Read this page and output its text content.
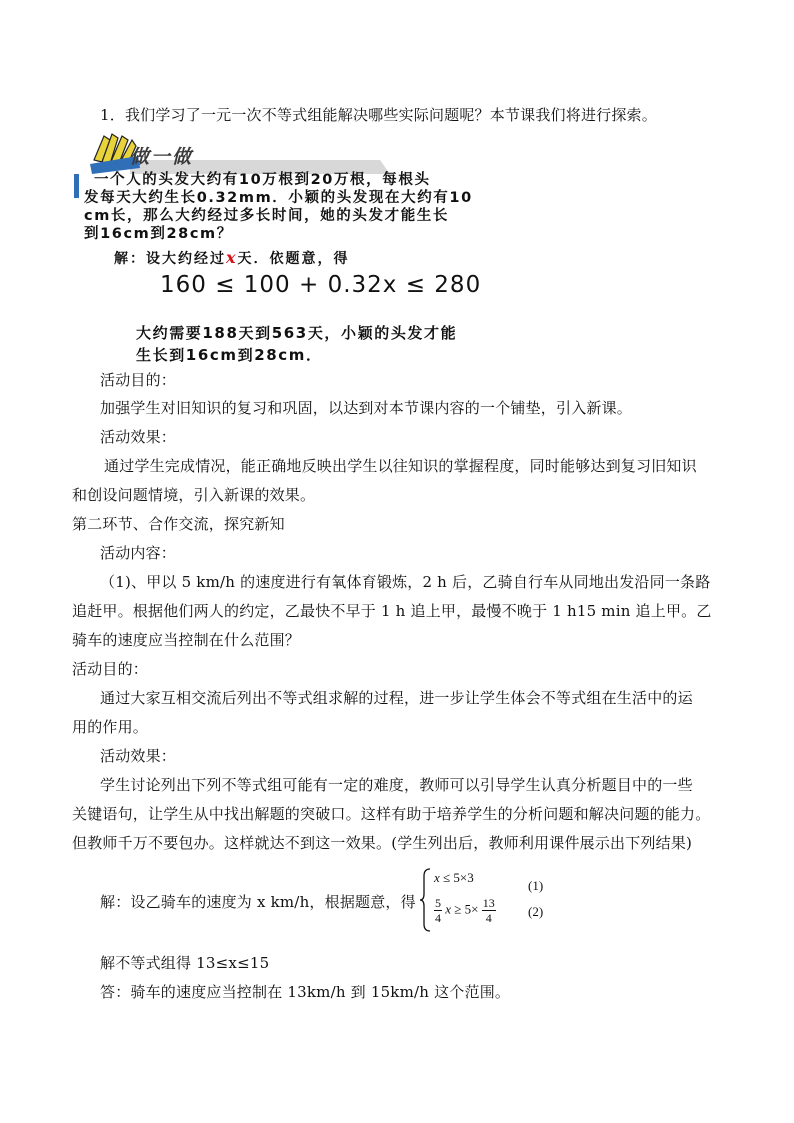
1．我们学习了一元一次不等式组能解决哪些实际问题呢？本节课我们将进行探索。
做一做
一个人的头发大约有10万根到20万根，每根头
发每天大约生长0.32mm．小颖的头发现在大约有10
cm长，那么大约经过多长时间，她的头发才能生长
到16cm到28cm？
解：设大约经过x天．依题意，得
160 ≤ 100 + 0.32x ≤ 280
大约需要188天到563天，小颖的头发才能
生长到16cm到28cm．
活动目的：
加强学生对旧知识的复习和巩固，以达到对本节课内容的一个铺垫，引入新课。
活动效果：
通过学生完成情况，能正确地反映出学生以往知识的掌握程度，同时能够达到复习旧知识
和创设问题情境，引入新课的效果。
第二环节、合作交流，探究新知
活动内容：
（1)、甲以 5 km/h 的速度进行有氧体育锻炼，2 h 后，乙骑自行车从同地出发沿同一条路
追赶甲。根据他们两人的约定，乙最快不早于 1 h 追上甲，最慢不晚于 1 h15 min 追上甲。乙
骑车的速度应当控制在什么范围？
活动目的：
通过大家互相交流后列出不等式组求解的过程，进一步让学生体会不等式组在生活中的运
用的作用。
活动效果：
学生讨论列出下列不等式组可能有一定的难度，教师可以引导学生认真分析题目中的一些
关键语句，让学生从中找出解题的突破口。这样有助于培养学生的分析问题和解决问题的能力。
但教师千万不要包办。这样就达不到这一效果。(学生列出后，教师利用课件展示出下列结果)
解：设乙骑车的速度为 x km/h，根据题意，得
x ≤ 5×3
(1)
$\frac{5}{4}$ $x \ge 5\times \frac{13}{4} (2)$
解不等式组得 13≤x≤15
答：骑车的速度应当控制在 13km/h 到 15km/h 这个范围。
